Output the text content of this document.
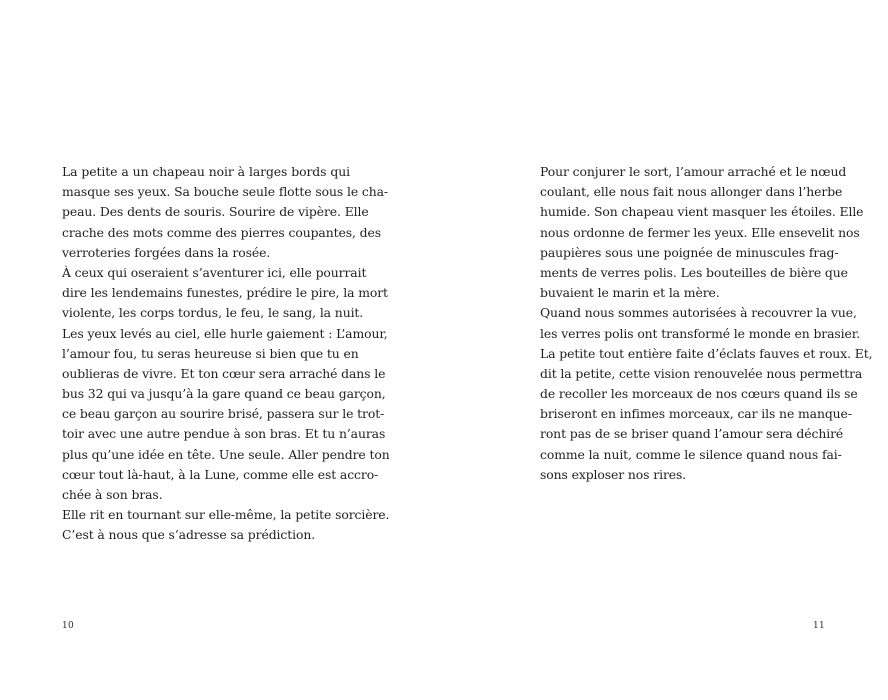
La petite a un chapeau noir à larges bords qui
masque ses yeux. Sa bouche seule flotte sous le cha-
peau. Des dents de souris. Sourire de vipère. Elle
crache des mots comme des pierres coupantes, des
verroteries forgées dans la rosée.
À ceux qui oseraient s’aventurer ici, elle pourrait
dire les lendemains funestes, prédire le pire, la mort
violente, les corps tordus, le feu, le sang, la nuit.
Les yeux levés au ciel, elle hurle gaiement : L’amour,
l’amour fou, tu seras heureuse si bien que tu en
oublieras de vivre. Et ton cœur sera arraché dans le
bus 32 qui va jusqu’à la gare quand ce beau garçon,
ce beau garçon au sourire brisé, passera sur le trot-
toir avec une autre pendue à son bras. Et tu n’auras
plus qu’une idée en tête. Une seule. Aller pendre ton
cœur tout là-haut, à la Lune, comme elle est accro-
chée à son bras.
Elle rit en tournant sur elle-même, la petite sorcière.
C’est à nous que s’adresse sa prédiction.
10
Pour conjurer le sort, l’amour arraché et le nœud
coulant, elle nous fait nous allonger dans l’herbe
humide. Son chapeau vient masquer les étoiles. Elle
nous ordonne de fermer les yeux. Elle ensevelit nos
paupières sous une poignée de minuscules frag-
ments de verres polis. Les bouteilles de bière que
buvaient le marin et la mère.
Quand nous sommes autorisées à recouvrer la vue,
les verres polis ont transformé le monde en brasier.
La petite tout entière faite d’éclats fauves et roux. Et,
dit la petite, cette vision renouvelée nous permettra
de recoller les morceaux de nos cœurs quand ils se
briseront en infimes morceaux, car ils ne manque-
ront pas de se briser quand l’amour sera déchiré
comme la nuit, comme le silence quand nous fai-
sons exploser nos rires.
11
